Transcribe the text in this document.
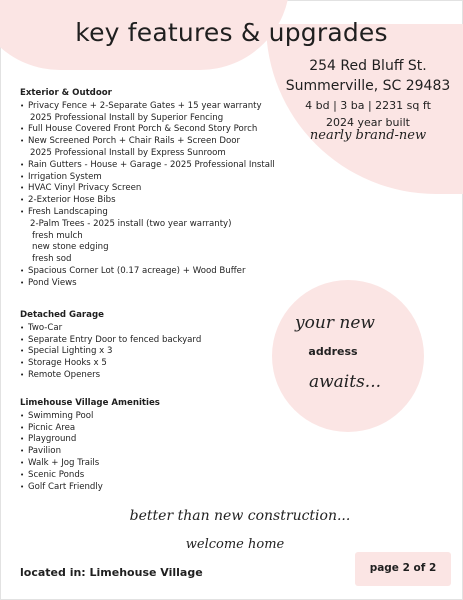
key features & upgrades
254 Red Bluff St.
Summerville, SC 29483
4 bd | 3 ba | 2231 sq ft
2024 year built
nearly brand-new
Exterior & Outdoor
• Privacy Fence + 2-Separate Gates + 15 year warranty
2025 Professional Install by Superior Fencing
• Full House Covered Front Porch & Second Story Porch
• New Screened Porch + Chair Rails + Screen Door
2025 Professional Install by Express Sunroom
• Rain Gutters - House + Garage - 2025 Professional Install
• Irrigation System
• HVAC Vinyl Privacy Screen
• 2-Exterior Hose Bibs
• Fresh Landscaping
2-Palm Trees - 2025 install (two year warranty)
fresh mulch
new stone edging
fresh sod
• Spacious Corner Lot (0.17 acreage) + Wood Buffer
• Pond Views
Detached Garage
• Two-Car
• Separate Entry Door to fenced backyard
• Special Lighting x 3
• Storage Hooks x 5
• Remote Openers
Limehouse Village Amenities
• Swimming Pool
• Picnic Area
• Playground
• Pavilion
• Walk + Jog Trails
• Scenic Ponds
• Golf Cart Friendly
your new
address
awaits...
better than new construction...
welcome home
located in: Limehouse Village	page 2 of 2
